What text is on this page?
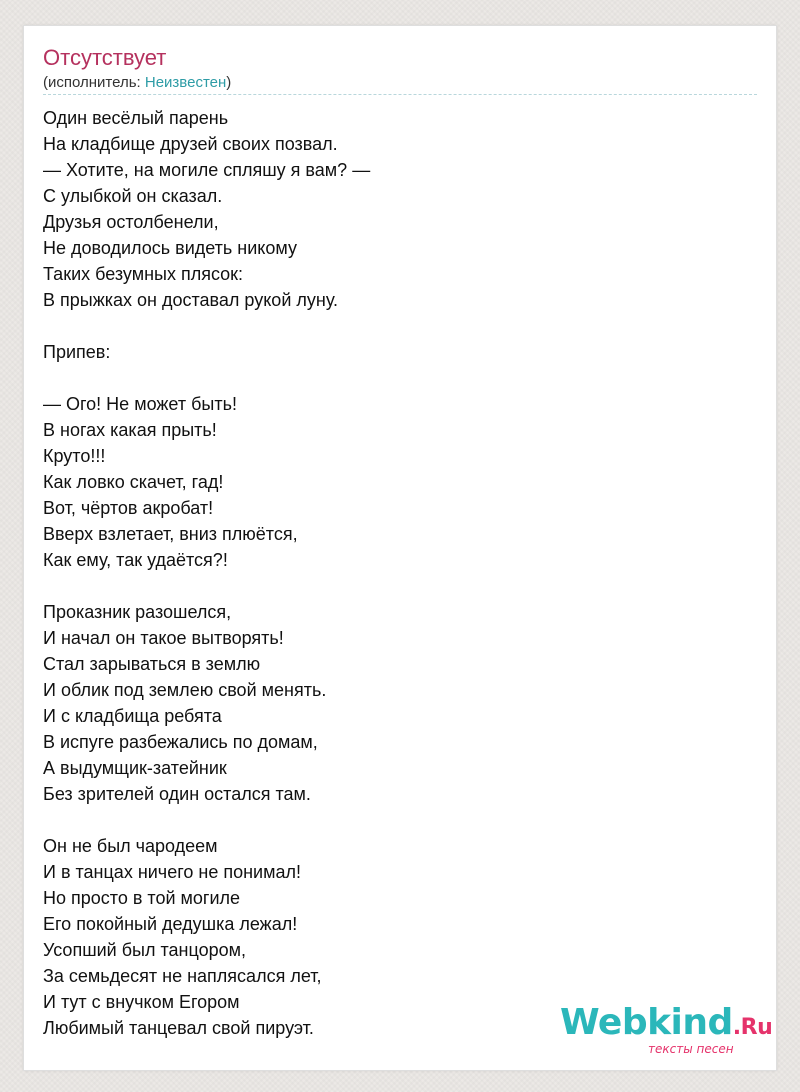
Отсутствует
(исполнитель: Неизвестен)
Один весёлый парень
На кладбище друзей своих позвал.
— Хотите, на могиле спляшу я вам? —
С улыбкой он сказал.
Друзья остолбенели,
Не доводилось видеть никому
Таких безумных плясок:
В прыжках он доставал рукой луну.

Припев:

— Ого! Не может быть!
В ногах какая прыть!
Круто!!!
Как ловко скачет, гад!
Вот, чёртов акробат!
Вверх взлетает, вниз плюётся,
Как ему, так удаётся?!

Проказник разошелся,
И начал он такое вытворять!
Стал зарываться в землю
И облик под землею свой менять.
И с кладбища ребята
В испуге разбежались по домам,
А выдумщик-затейник
Без зрителей один остался там.

Он не был чародеем
И в танцах ничего не понимал!
Но просто в той могиле
Его покойный дедушка лежал!
Усопший был танцором,
За семьдесят не наплясался лет,
И тут с внучком Егором
Любимый танцевал свой пируэт.	Webkind.Ru
тексты песен
